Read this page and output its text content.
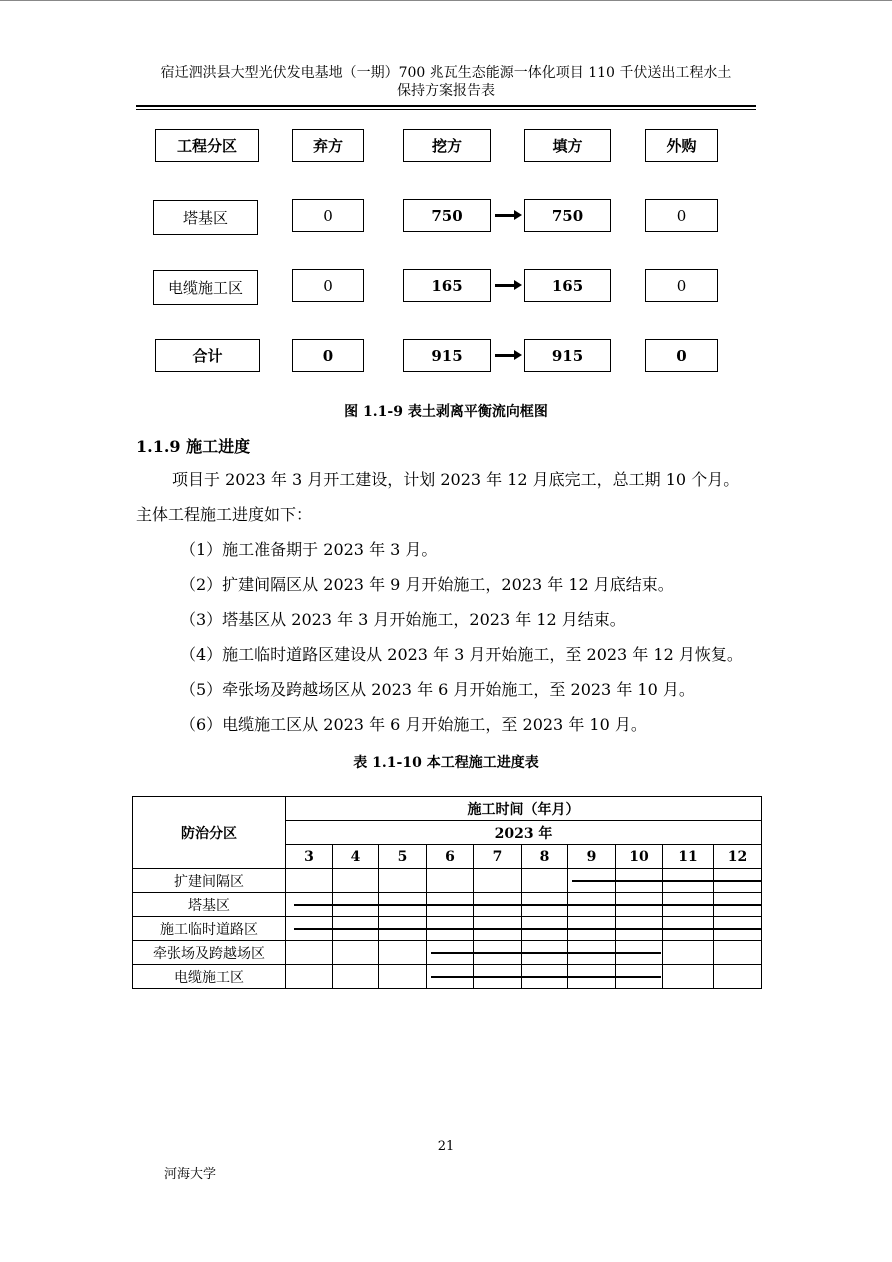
宿迁泗洪县大型光伏发电基地（一期）700 兆瓦生态能源一体化项目 110 千伏送出工程水土
保持方案报告表
工程分区	弃方	挖方	填方	外购
塔基区	0	750	750	0
电缆施工区	0	165	165	0
合计	0	915	915	0
图 1.1-9 表土剥离平衡流向框图
1.1.9 施工进度
项目于 2023 年 3 月开工建设，计划 2023 年 12 月底完工，总工期 10 个月。
主体工程施工进度如下：
（1）施工准备期于 2023 年 3 月。
（2）扩建间隔区从 2023 年 9 月开始施工，2023 年 12 月底结束。
（3）塔基区从 2023 年 3 月开始施工，2023 年 12 月结束。
（4）施工临时道路区建设从 2023 年 3 月开始施工，至 2023 年 12 月恢复。
（5）牵张场及跨越场区从 2023 年 6 月开始施工，至 2023 年 10 月。
（6）电缆施工区从 2023 年 6 月开始施工，至 2023 年 10 月。
表 1.1-10 本工程施工进度表
防治分区	施工时间（年月）									
	2023 年									
	3	4	5	6	7	8	9	10	11	12
扩建间隔区										
塔基区										
施工临时道路区										
牵张场及跨越场区										
电缆施工区										
21
河海大学
